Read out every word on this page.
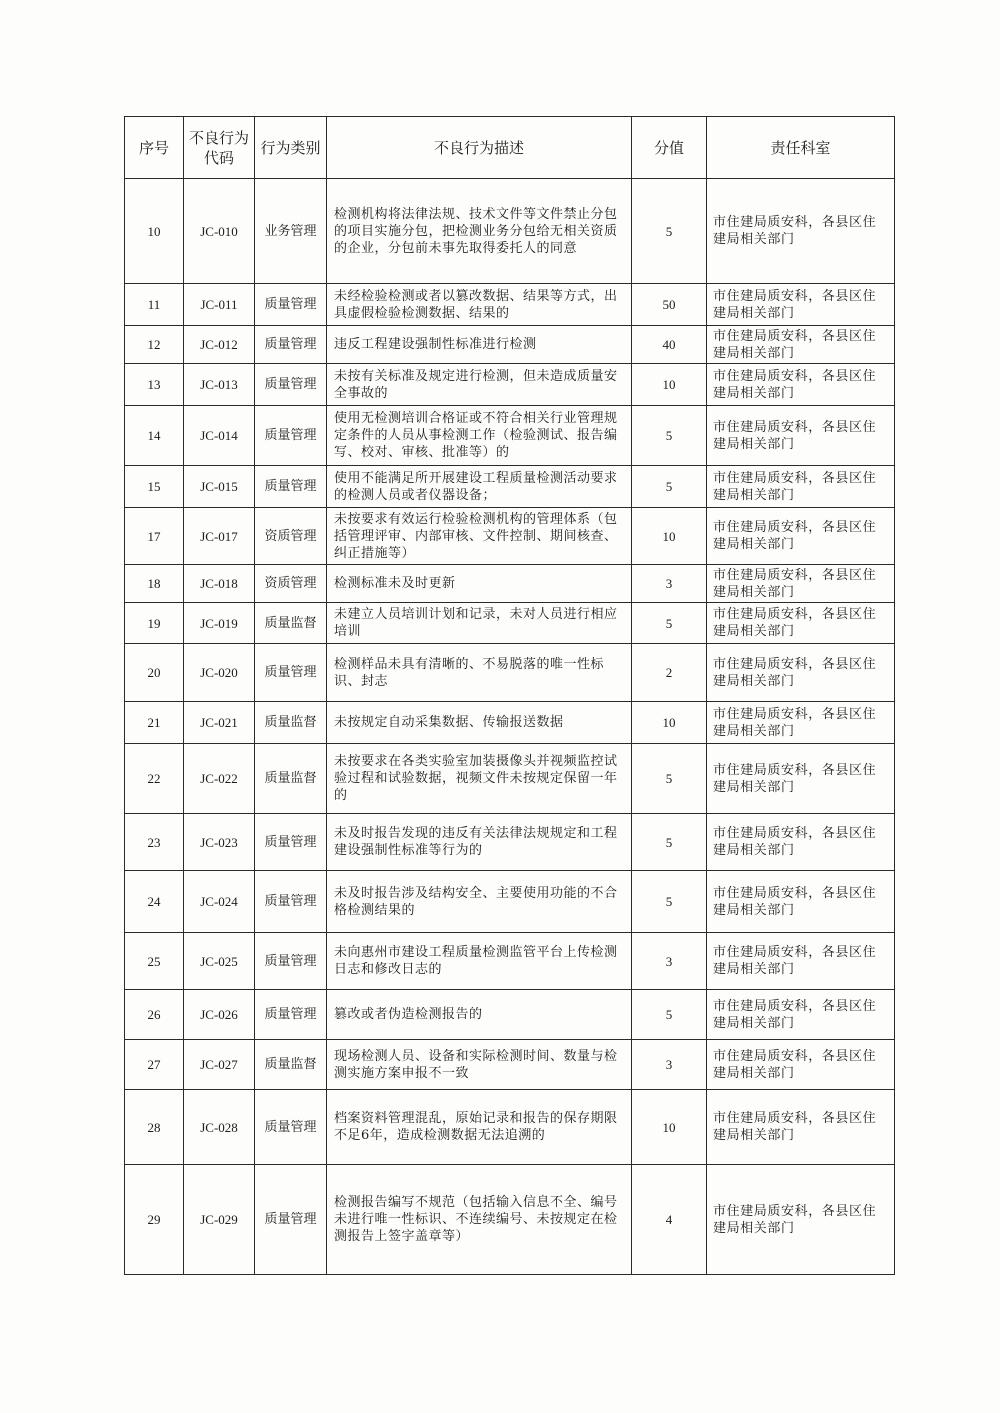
序号	不良行为代码	行为类别	不良行为描述	分值	责任科室
10	JC-010	业务管理	检测机构将法律法规、技术文件等文件禁止分包的项目实施分包，把检测业务分包给无相关资质的企业，分包前未事先取得委托人的同意	5	市住建局质安科，各县区住建局相关部门
11	JC-011	质量管理	未经检验检测或者以篡改数据、结果等方式，出具虚假检验检测数据、结果的	50	市住建局质安科，各县区住建局相关部门
12	JC-012	质量管理	违反工程建设强制性标准进行检测	40	市住建局质安科，各县区住建局相关部门
13	JC-013	质量管理	未按有关标准及规定进行检测，但未造成质量安全事故的	10	市住建局质安科，各县区住建局相关部门
14	JC-014	质量管理	使用无检测培训合格证或不符合相关行业管理规定条件的人员从事检测工作（检验测试、报告编写、校对、审核、批准等）的	5	市住建局质安科，各县区住建局相关部门
15	JC-015	质量管理	使用不能满足所开展建设工程质量检测活动要求的检测人员或者仪器设备；	5	市住建局质安科，各县区住建局相关部门
17	JC-017	资质管理	未按要求有效运行检验检测机构的管理体系（包括管理评审、内部审核、文件控制、期间核查、纠正措施等）	10	市住建局质安科，各县区住建局相关部门
18	JC-018	资质管理	检测标准未及时更新	3	市住建局质安科，各县区住建局相关部门
19	JC-019	质量监督	未建立人员培训计划和记录，未对人员进行相应培训	5	市住建局质安科，各县区住建局相关部门
20	JC-020	质量管理	检测样品未具有清晰的、不易脱落的唯一性标识、封志	2	市住建局质安科，各县区住建局相关部门
21	JC-021	质量监督	未按规定自动采集数据、传输报送数据	10	市住建局质安科，各县区住建局相关部门
22	JC-022	质量监督	未按要求在各类实验室加装摄像头并视频监控试验过程和试验数据，视频文件未按规定保留一年的	5	市住建局质安科，各县区住建局相关部门
23	JC-023	质量管理	未及时报告发现的违反有关法律法规规定和工程建设强制性标准等行为的	5	市住建局质安科，各县区住建局相关部门
24	JC-024	质量管理	未及时报告涉及结构安全、主要使用功能的不合格检测结果的	5	市住建局质安科，各县区住建局相关部门
25	JC-025	质量管理	未向惠州市建设工程质量检测监管平台上传检测日志和修改日志的	3	市住建局质安科，各县区住建局相关部门
26	JC-026	质量管理	篡改或者伪造检测报告的	5	市住建局质安科，各县区住建局相关部门
27	JC-027	质量监督	现场检测人员、设备和实际检测时间、数量与检测实施方案申报不一致	3	市住建局质安科，各县区住建局相关部门
28	JC-028	质量管理	档案资料管理混乱，原始记录和报告的保存期限不足6年，造成检测数据无法追溯的	10	市住建局质安科，各县区住建局相关部门
29	JC-029	质量管理	检测报告编写不规范（包括输入信息不全、编号未进行唯一性标识、不连续编号、未按规定在检测报告上签字盖章等）	4	市住建局质安科，各县区住建局相关部门
